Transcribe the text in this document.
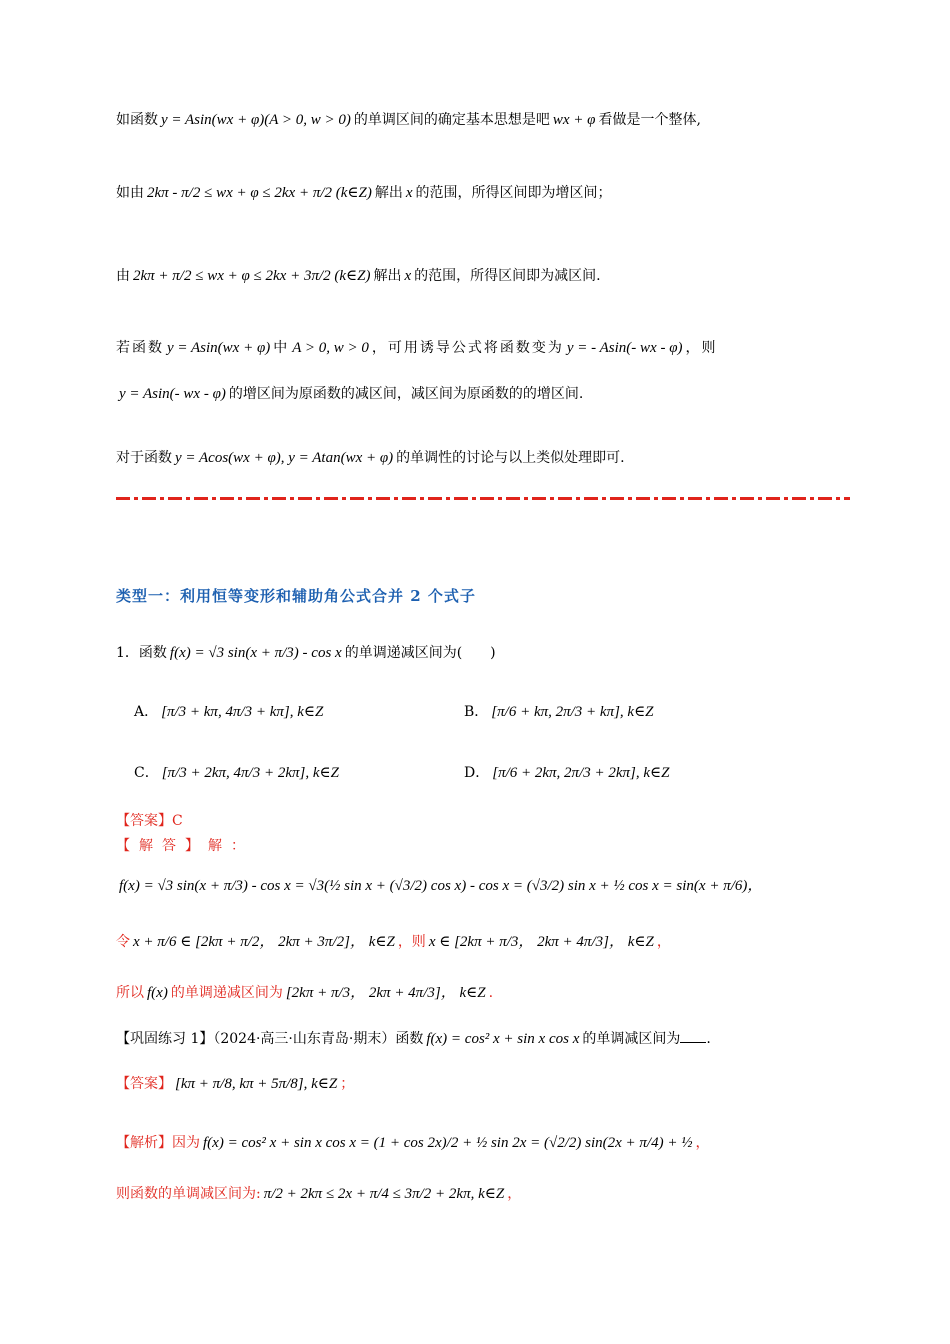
如函数 y = Asin(wx + φ)(A > 0, w > 0) 的单调区间的确定基本思想是吧 wx + φ 看做是一个整体,
如由 2kπ - π/2 ≤ wx + φ ≤ 2kx + π/2 (k∈Z) 解出 x 的范围，所得区间即为增区间；
由 2kπ + π/2 ≤ wx + φ ≤ 2kx + 3π/2 (k∈Z) 解出 x 的范围，所得区间即为减区间.
若函数 y = Asin(wx + φ) 中 A > 0, w > 0 ，可用诱导公式将函数变为 y = - Asin(- wx - φ) ，则
y = Asin(- wx - φ) 的增区间为原函数的减区间，减区间为原函数的的增区间.
对于函数 y = Acos(wx + φ), y = Atan(wx + φ) 的单调性的讨论与以上类似处理即可.
类型一：利用恒等变形和辅助角公式合并 2 个式子
1．函数 f(x) = √3 sin(x + π/3) - cos x 的单调递减区间为(　　)
A． [π/3 + kπ, 4π/3 + kπ], k∈Z	B． [π/6 + kπ, 2π/3 + kπ], k∈Z
C． [π/3 + 2kπ, 4π/3 + 2kπ], k∈Z	D． [π/6 + 2kπ, 2π/3 + 2kπ], k∈Z
【答案】C
【解答】解：
f(x) = √3 sin(x + π/3) - cos x = √3(½ sin x + (√3/2) cos x) - cos x = (√3/2) sin x + ½ cos x = sin(x + π/6)，
令 x + π/6 ∈ [2kπ + π/2， 2kπ + 3π/2]， k∈Z ，则 x ∈ [2kπ + π/3， 2kπ + 4π/3]， k∈Z ，
所以 f(x) 的单调递减区间为 [2kπ + π/3， 2kπ + 4π/3]， k∈Z .
【巩固练习 1】（2024·高三·山东青岛·期末）函数 f(x) = cos² x + sin x cos x 的单调减区间为 .
【答案】 [kπ + π/8, kπ + 5π/8], k∈Z ；
【解析】因为 f(x) = cos² x + sin x cos x = (1 + cos 2x)/2 + ½ sin 2x = (√2/2) sin(2x + π/4) + ½ ，
则函数的单调减区间为: π/2 + 2kπ ≤ 2x + π/4 ≤ 3π/2 + 2kπ, k∈Z ，
